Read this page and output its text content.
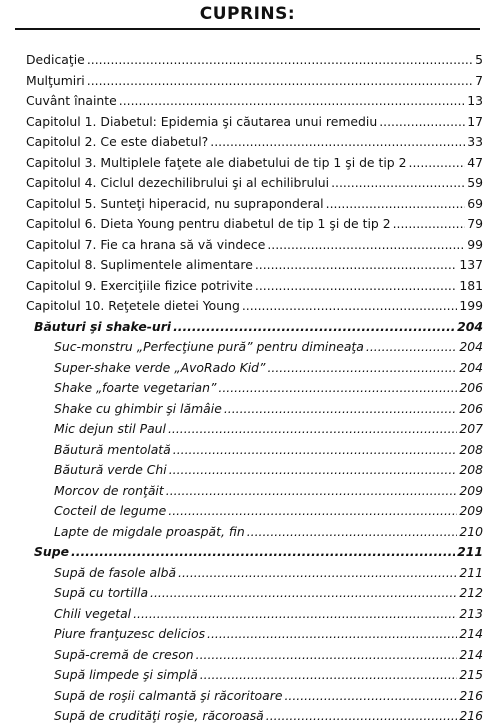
CUPRINS:
Dedicaţie .....	5
Mulţumiri .....	7
Cuvânt înainte .....	13
Capitolul 1. Diabetul: Epidemia şi căutarea unui remediu .....	17
Capitolul 2. Ce este diabetul? .....	33
Capitolul 3. Multiplele faţete ale diabetului de tip 1 şi de tip 2 .....	47
Capitolul 4. Ciclul dezechilibrului şi al echilibrului .....	59
Capitolul 5. Sunteţi hiperacid, nu supraponderal .....	69
Capitolul 6. Dieta Young pentru diabetul de tip 1 şi de tip 2 .....	79
Capitolul 7. Fie ca hrana să vă vindece .....	99
Capitolul 8. Suplimentele alimentare .....	137
Capitolul 9. Exerciţiile fizice potrivite .....	181
Capitolul 10. Reţetele dietei Young .....	199
Băuturi şi shake-uri .....	204
Suc-monstru „Perfecţiune pură” pentru dimineaţa .....	204
Super-shake verde „AvoRado Kid” .....	204
Shake „foarte vegetarian” .....	206
Shake cu ghimbir şi lămâie .....	206
Mic dejun stil Paul .....	207
Băutură mentolată .....	208
Băutură verde Chi .....	208
Morcov de ronţăit .....	209
Cocteil de legume .....	209
Lapte de migdale proaspăt, fin .....	210
Supe .....	211
Supă de fasole albă .....	211
Supă cu tortilla .....	212
Chili vegetal .....	213
Piure franţuzesc delicios .....	214
Supă-cremă de creson .....	214
Supă limpede şi simplă .....	215
Supă de roşii calmantă şi răcoritoare .....	216
Supă de crudităţi roşie, răcoroasă .....	216
